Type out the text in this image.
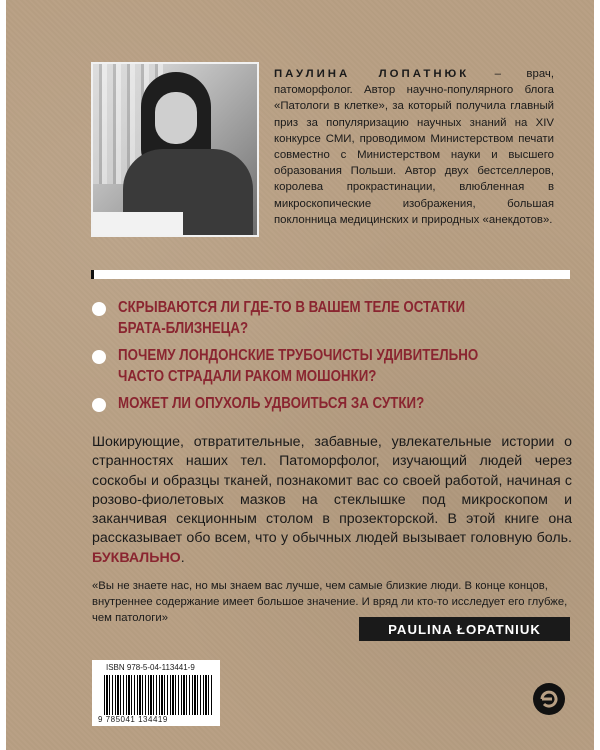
ПАУЛИНА ЛОПАТНЮК – врач, патоморфолог. Автор научно-популярного блога «Патологи в клетке», за который получила главный приз за популяризацию научных знаний на XIV конкурсе СМИ, проводимом Министерством печати совместно с Министерством науки и высшего образования Польши. Автор двух бестселлеров, королева прокрастинации, влюбленная в микроскопические изображения, большая поклонница медицинских и природных «анекдотов».

СКРЫВАЮТСЯ ЛИ ГДЕ-ТО В ВАШЕМ ТЕЛЕ ОСТАТКИ БРАТА-БЛИЗНЕЦА?
ПОЧЕМУ ЛОНДОНСКИЕ ТРУБОЧИСТЫ УДИВИТЕЛЬНО ЧАСТО СТРАДАЛИ РАКОМ МОШОНКИ?
МОЖЕТ ЛИ ОПУХОЛЬ УДВОИТЬСЯ ЗА СУТКИ?
Шокирующие, отвратительные, забавные, увлекательные истории о странностях наших тел. Патоморфолог, изучающий людей через соскобы и образцы тканей, познакомит вас со своей работой, начиная с розово-фиолетовых мазков на стеклышке под микроскопом и заканчивая секционным столом в прозекторской. В этой книге она рассказывает обо всем, что у обычных людей вызывает головную боль. БУКВАЛЬНО.
«Вы не знаете нас, но мы знаем вас лучше, чем самые близкие люди. В конце концов, внутреннее содержание имеет большое значение. И вряд ли кто-то исследует его глубже, чем патологи»
PAULINA ŁOPATNIUK
ISBN 978-5-04-113441-9
9 785041 134419
